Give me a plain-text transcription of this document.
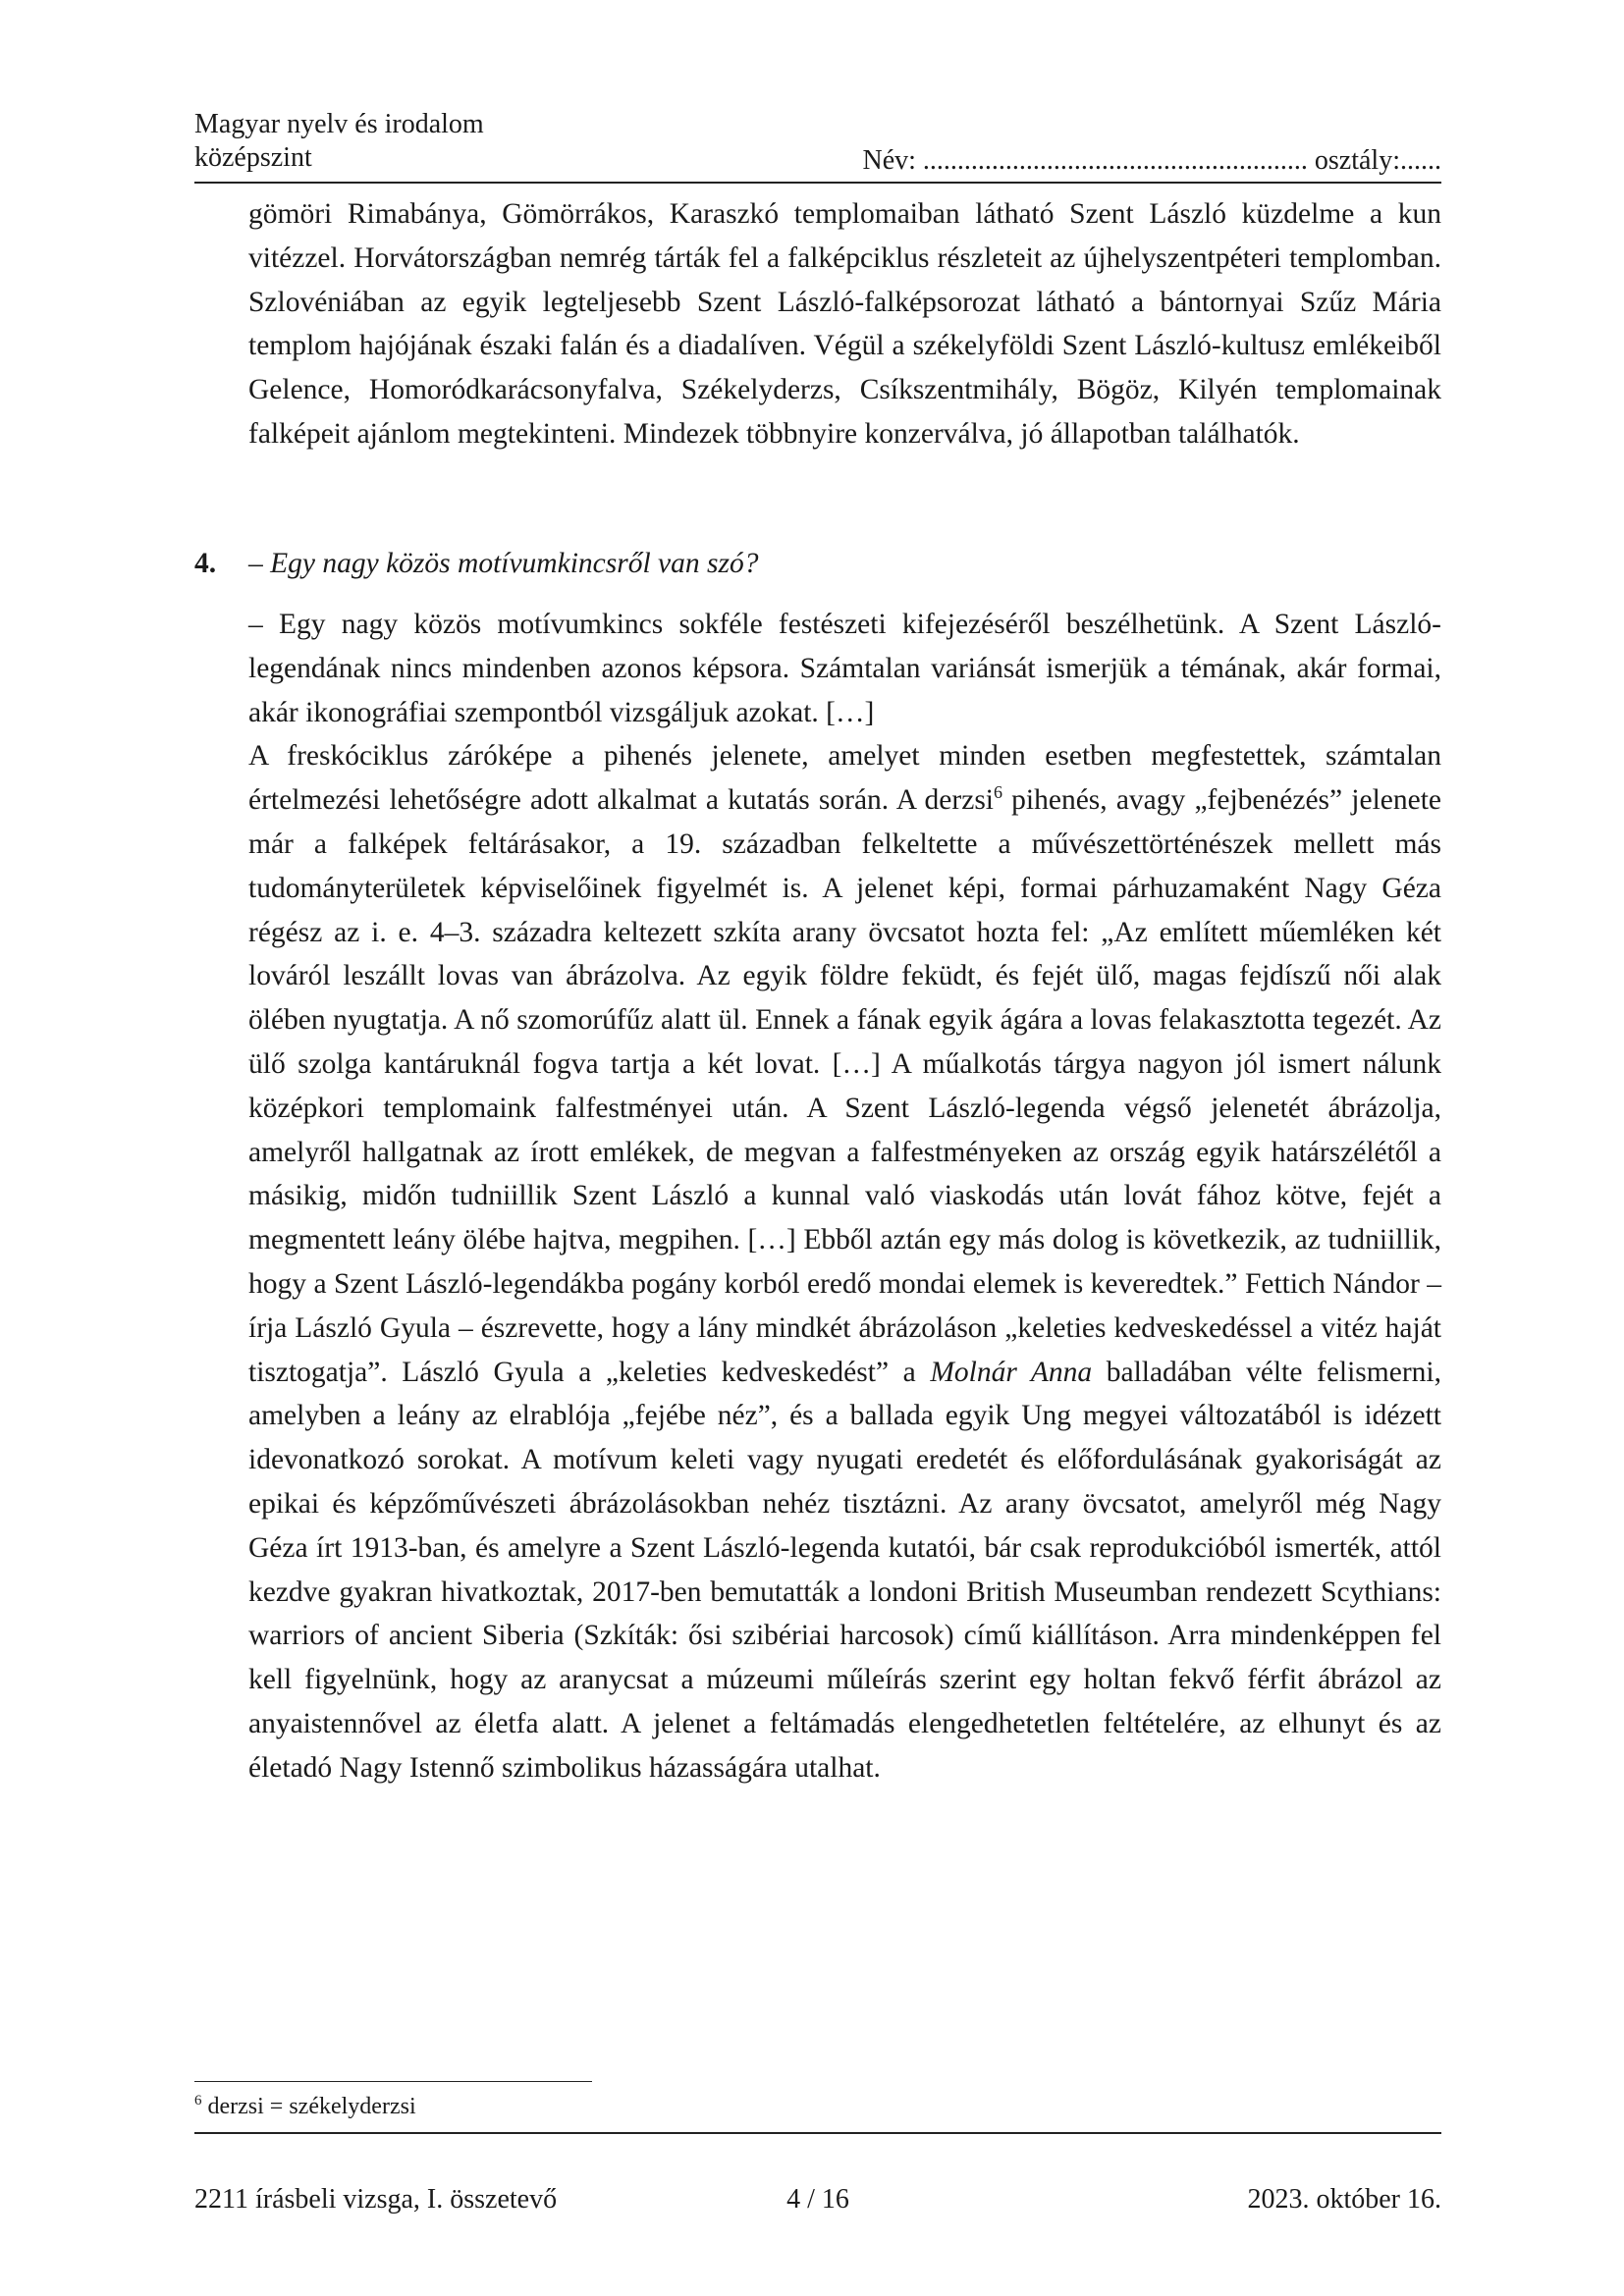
Magyar nyelv és irodalom
középszint	Név: ........................................................ osztály:......

gömöri Rimabánya, Gömörrákos, Karaszkó templomaiban látható Szent László küzdelme a kun vitézzel. Horvátországban nemrég tárták fel a falképciklus részleteit az újhelyszentpéteri templomban. Szlovéniában az egyik legteljesebb Szent László-falképsorozat látható a bántornyai Szűz Mária templom hajójának északi falán és a diadalíven. Végül a székelyföldi Szent László-kultusz emlékeiből Gelence, Homoródkarácsonyfalva, Székelyderzs, Csíkszentmihály, Bögöz, Kilyén templomainak falképeit ajánlom megtekinteni. Mindezek többnyire konzerválva, jó állapotban találhatók.

4. – Egy nagy közös motívumkincsről van szó?

– Egy nagy közös motívumkincs sokféle festészeti kifejezéséről beszélhetünk. A Szent László-legendának nincs mindenben azonos képsora. Számtalan variánsát ismerjük a témának, akár formai, akár ikonográfiai szempontból vizsgáljuk azokat. […]

A freskóciklus záróképe a pihenés jelenete, amelyet minden esetben megfestettek, számtalan értelmezési lehetőségre adott alkalmat a kutatás során. A derzsi$^6$ pihenés, avagy „fejbenézés” jelenete már a falképek feltárásakor, a 19. században felkeltette a művészettörténészek mellett más tudományterületek képviselőinek figyelmét is. A jelenet képi, formai párhuzamaként Nagy Géza régész az i. e. 4–3. századra keltezett szkíta arany övcsatot hozta fel: „Az említett műemléken két lováról leszállt lovas van ábrázolva. Az egyik földre feküdt, és fejét ülő, magas fejdíszű női alak ölében nyugtatja. A nő szomorúfűz alatt ül. Ennek a fának egyik ágára a lovas felakasztotta tegezét. Az ülő szolga kantáruknál fogva tartja a két lovat. […] A műalkotás tárgya nagyon jól ismert nálunk középkori templomaink falfestményei után. A Szent László-legenda végső jelenetét ábrázolja, amelyről hallgatnak az írott emlékek, de megvan a falfestményeken az ország egyik határszélétől a másikig, midőn tudniillik Szent László a kunnal való viaskodás után lovát fához kötve, fejét a megmentett leány ölébe hajtva, megpihen. […] Ebből aztán egy más dolog is következik, az tudniillik, hogy a Szent László-legendákba pogány korból eredő mondai elemek is keveredtek.” Fettich Nándor – írja László Gyula – észrevette, hogy a lány mindkét ábrázoláson „keleties kedveskedéssel a vitéz haját tisztogatja”. László Gyula a „keleties kedveskedést” a Molnár Anna balladában vélte felismerni, amelyben a leány az elrablója „fejébe néz”, és a ballada egyik Ung megyei változatából is idézett idevonatkozó sorokat. A motívum keleti vagy nyugati eredetét és előfordulásának gyakoriságát az epikai és képzőművészeti ábrázolásokban nehéz tisztázni. Az arany övcsatot, amelyről még Nagy Géza írt 1913-ban, és amelyre a Szent László-legenda kutatói, bár csak reprodukcióból ismerték, attól kezdve gyakran hivatkoztak, 2017-ben bemutatták a londoni British Museumban rendezett Scythians: warriors of ancient Siberia (Szkíták: ősi szibériai harcosok) című kiállításon. Arra mindenképpen fel kell figyelnünk, hogy az aranycsat a múzeumi műleírás szerint egy holtan fekvő férfit ábrázol az anyaistennővel az életfa alatt. A jelenet a feltámadás elengedhetetlen feltételére, az elhunyt és az életadó Nagy Istennő szimbolikus házasságára utalhat.

$^6$ derzsi = székelyderzsi
2211 írásbeli vizsga, I. összetevő	4 / 16	2023. október 16.
